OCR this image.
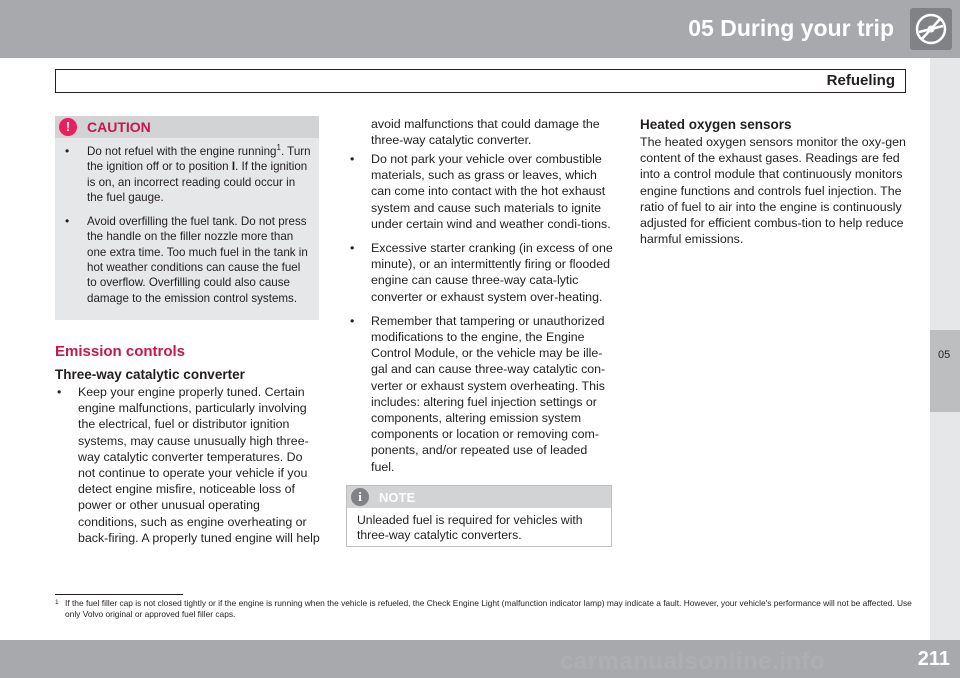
05 During your trip
Refueling
05
!	CAUTION
• Do not refuel with the engine running$^1$. Turn the ignition off or to position I. If the ignition is on, an incorrect reading could occur in the fuel gauge.
• Avoid overfilling the fuel tank. Do not press the handle on the filler nozzle more than one extra time. Too much fuel in the tank in hot weather conditions can cause the fuel to overflow. Overfilling could also cause damage to the emission control systems.
Emission controls
Three-way catalytic converter
• Keep your engine properly tuned. Certain engine malfunctions, particularly involving the electrical, fuel or distributor ignition systems, may cause unusually high three-way catalytic converter temperatures. Do not continue to operate your vehicle if you detect engine misfire, noticeable loss of power or other unusual operating conditions, such as engine overheating or back-firing. A properly tuned engine will help
avoid malfunctions that could damage the three-way catalytic converter.
• Do not park your vehicle over combustible materials, such as grass or leaves, which can come into contact with the hot exhaust system and cause such materials to ignite under certain wind and weather condi-tions.
• Excessive starter cranking (in excess of one minute), or an intermittently firing or flooded engine can cause three-way cata-lytic converter or exhaust system over-heating.
• Remember that tampering or unauthorized modifications to the engine, the Engine Control Module, or the vehicle may be ille-gal and can cause three-way catalytic con-verter or exhaust system overheating. This includes: altering fuel injection settings or components, altering emission system components or location or removing com-ponents, and/or repeated use of leaded fuel.
i	NOTE
Unleaded fuel is required for vehicles with three-way catalytic converters.
Heated oxygen sensors
The heated oxygen sensors monitor the oxy-gen content of the exhaust gases. Readings are fed into a control module that continuously monitors engine functions and controls fuel injection. The ratio of fuel to air into the engine is continuously adjusted for efficient combus-tion to help reduce harmful emissions.
1 If the fuel filler cap is not closed tightly or if the engine is running when the vehicle is refueled, the Check Engine Light (malfunction indicator lamp) may indicate a fault. However, your vehicle's performance will not be affected. Use only Volvo original or approved fuel filler caps.
211
carmanualsonline.info
